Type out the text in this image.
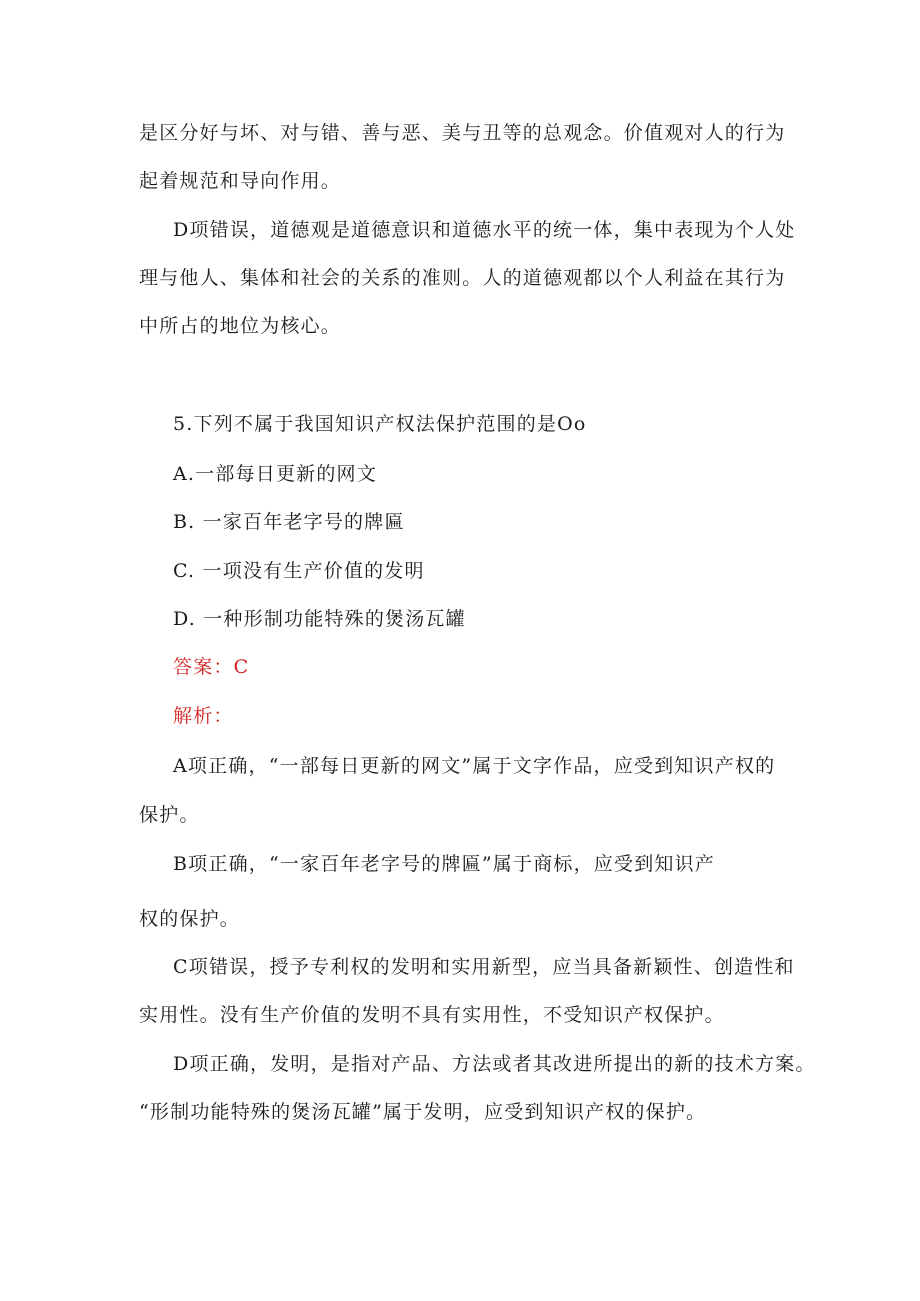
是区分好与坏、对与错、善与恶、美与丑等的总观念。价值观对人的行为
起着规范和导向作用。
D项错误，道德观是道德意识和道德水平的统一体，集中表现为个人处
理与他人、集体和社会的关系的准则。人的道德观都以个人利益在其行为
中所占的地位为核心。
5.下列不属于我国知识产权法保护范围的是Oo
A.一部每日更新的网文
B. 一家百年老字号的牌匾
C. 一项没有生产价值的发明
D. 一种形制功能特殊的煲汤瓦罐
答案：C
解析：
A项正确，“一部每日更新的网文”属于文字作品，应受到知识产权的
保护。
B项正确，“一家百年老字号的牌匾”属于商标，应受到知识产
权的保护。
C项错误，授予专利权的发明和实用新型，应当具备新颖性、创造性和
实用性。没有生产价值的发明不具有实用性，不受知识产权保护。
D项正确，发明，是指对产品、方法或者其改进所提出的新的技术方案。
“形制功能特殊的煲汤瓦罐”属于发明，应受到知识产权的保护。
